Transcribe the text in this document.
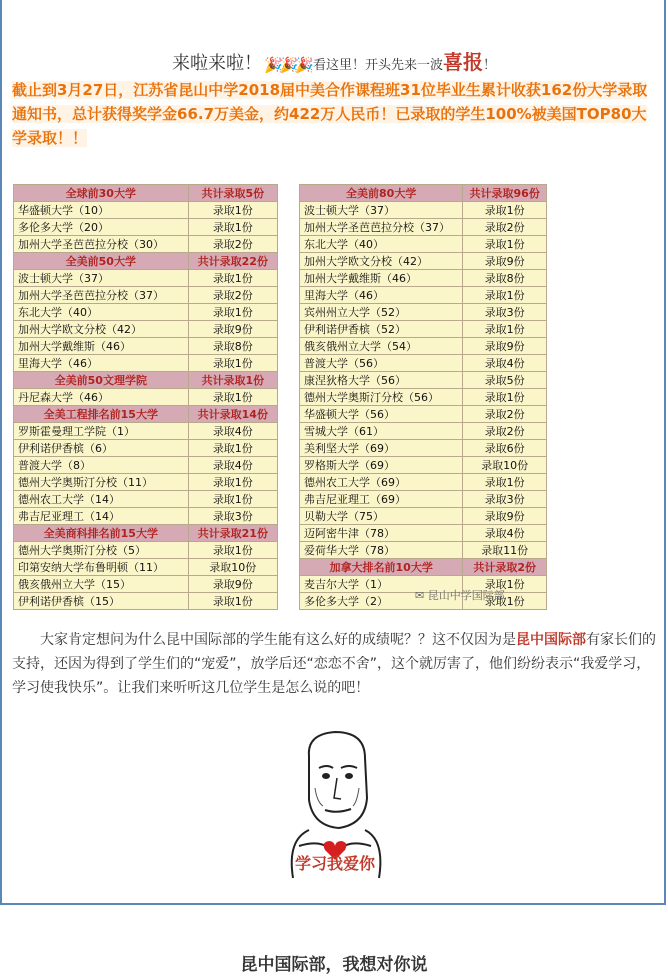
来啦来啦！ 🎉🎉🎉 看这里！开头先来一波喜报！
截止到3月27日，江苏省昆山中学2018届中美合作课程班31位毕业生累计收获162份大学录取通知书，总计获得奖学金66.7万美金，约422万人民币！已录取的学生100%被美国TOP80大学录取！！
全球前30大学	共计录取5份
华盛顿大学（10）	录取1份
多伦多大学（20）	录取1份
加州大学圣芭芭拉分校（30）	录取2份
全美前50大学	共计录取22份
波士顿大学（37）	录取1份
加州大学圣芭芭拉分校（37）	录取2份
东北大学（40）	录取1份
加州大学欧文分校（42）	录取9份
加州大学戴维斯（46）	录取8份
里海大学（46）	录取1份
全美前50文理学院	共计录取1份
丹尼森大学（46）	录取1份
全美工程排名前15大学	共计录取14份
罗斯霍曼理工学院（1）	录取4份
伊利诺伊香槟（6）	录取1份
普渡大学（8）	录取4份
德州大学奥斯汀分校（11）	录取1份
德州农工大学（14）	录取1份
弗吉尼亚理工（14）	录取3份
全美商科排名前15大学	共计录取21份
德州大学奥斯汀分校（5）	录取1份
印第安纳大学布鲁明顿（11）	录取10份
俄亥俄州立大学（15）	录取9份
伊利诺伊香槟（15）	录取1份
全美前80大学	共计录取96份
波士顿大学（37）	录取1份
加州大学圣芭芭拉分校（37）	录取2份
东北大学（40）	录取1份
加州大学欧文分校（42）	录取9份
加州大学戴维斯（46）	录取8份
里海大学（46）	录取1份
宾州州立大学（52）	录取3份
伊利诺伊香槟（52）	录取1份
俄亥俄州立大学（54）	录取9份
普渡大学（56）	录取4份
康涅狄格大学（56）	录取5份
德州大学奥斯汀分校（56）	录取1份
华盛顿大学（56）	录取2份
雪城大学（61）	录取2份
美利坚大学（69）	录取6份
罗格斯大学（69）	录取10份
德州农工大学（69）	录取1份
弗吉尼亚理工（69）	录取3份
贝勒大学（75）	录取9份
迈阿密牛津（78）	录取4份
爱荷华大学（78）	录取11份
加拿大排名前10大学	共计录取2份
麦吉尔大学（1）	录取1份
多伦多大学（2）	录取1份
✉ 昆山中学国际部
大家肯定想问为什么昆中国际部的学生能有这么好的成绩呢？？这不仅因为是昆中国际部有家长们的支持，还因为得到了学生们的“宠爱”，放学后还“恋恋不舍”，这个就厉害了，他们纷纷表示“我爱学习，学习使我快乐”。让我们来听听这几位学生是怎么说的吧！
学习我爱你
昆中国际部，我想对你说
